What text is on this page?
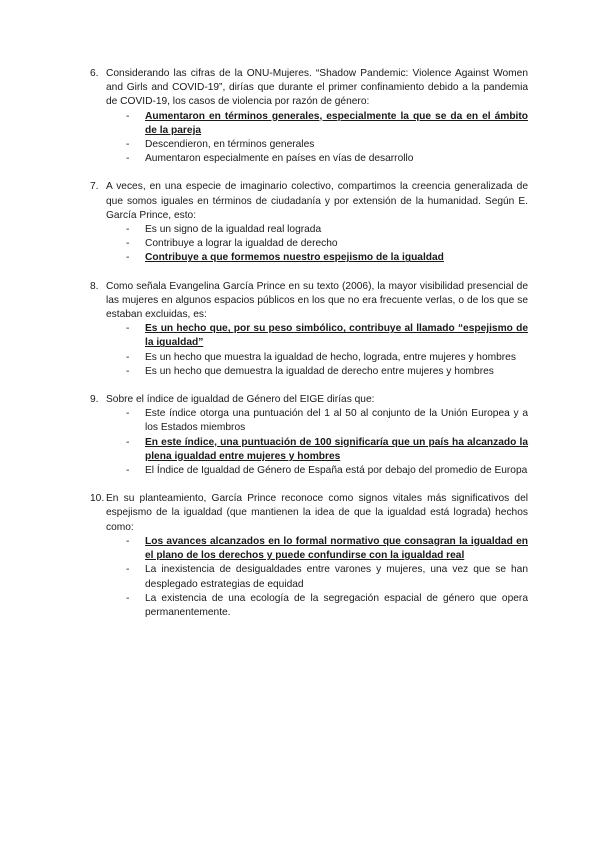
6. Considerando las cifras de la ONU-Mujeres. “Shadow Pandemic: Violence Against Women and Girls and COVID-19”, dirías que durante el primer confinamiento debido a la pandemia de COVID-19, los casos de violencia por razón de género:
- Aumentaron en términos generales, especialmente la que se da en el ámbito de la pareja
- Descendieron, en términos generales
- Aumentaron especialmente en países en vías de desarrollo
7. A veces, en una especie de imaginario colectivo, compartimos la creencia generalizada de que somos iguales en términos de ciudadanía y por extensión de la humanidad. Según E. García Prince, esto:
- Es un signo de la igualdad real lograda
- Contribuye a lograr la igualdad de derecho
- Contribuye a que formemos nuestro espejismo de la igualdad
8. Como señala Evangelina García Prince en su texto (2006), la mayor visibilidad presencial de las mujeres en algunos espacios públicos en los que no era frecuente verlas, o de los que se estaban excluidas, es:
- Es un hecho que, por su peso simbólico, contribuye al llamado “espejismo de la igualdad”
- Es un hecho que muestra la igualdad de hecho, lograda, entre mujeres y hombres
- Es un hecho que demuestra la igualdad de derecho entre mujeres y hombres
9. Sobre el índice de igualdad de Género del EIGE dirías que:
- Este índice otorga una puntuación del 1 al 50 al conjunto de la Unión Europea y a los Estados miembros
- En este índice, una puntuación de 100 significaría que un país ha alcanzado la plena igualdad entre mujeres y hombres
- El Índice de Igualdad de Género de España está por debajo del promedio de Europa
10. En su planteamiento, García Prince reconoce como signos vitales más significativos del espejismo de la igualdad (que mantienen la idea de que la igualdad está lograda) hechos como:
- Los avances alcanzados en lo formal normativo que consagran la igualdad en el plano de los derechos y puede confundirse con la igualdad real
- La inexistencia de desigualdades entre varones y mujeres, una vez que se han desplegado estrategias de equidad
- La existencia de una ecología de la segregación espacial de género que opera permanentemente.
